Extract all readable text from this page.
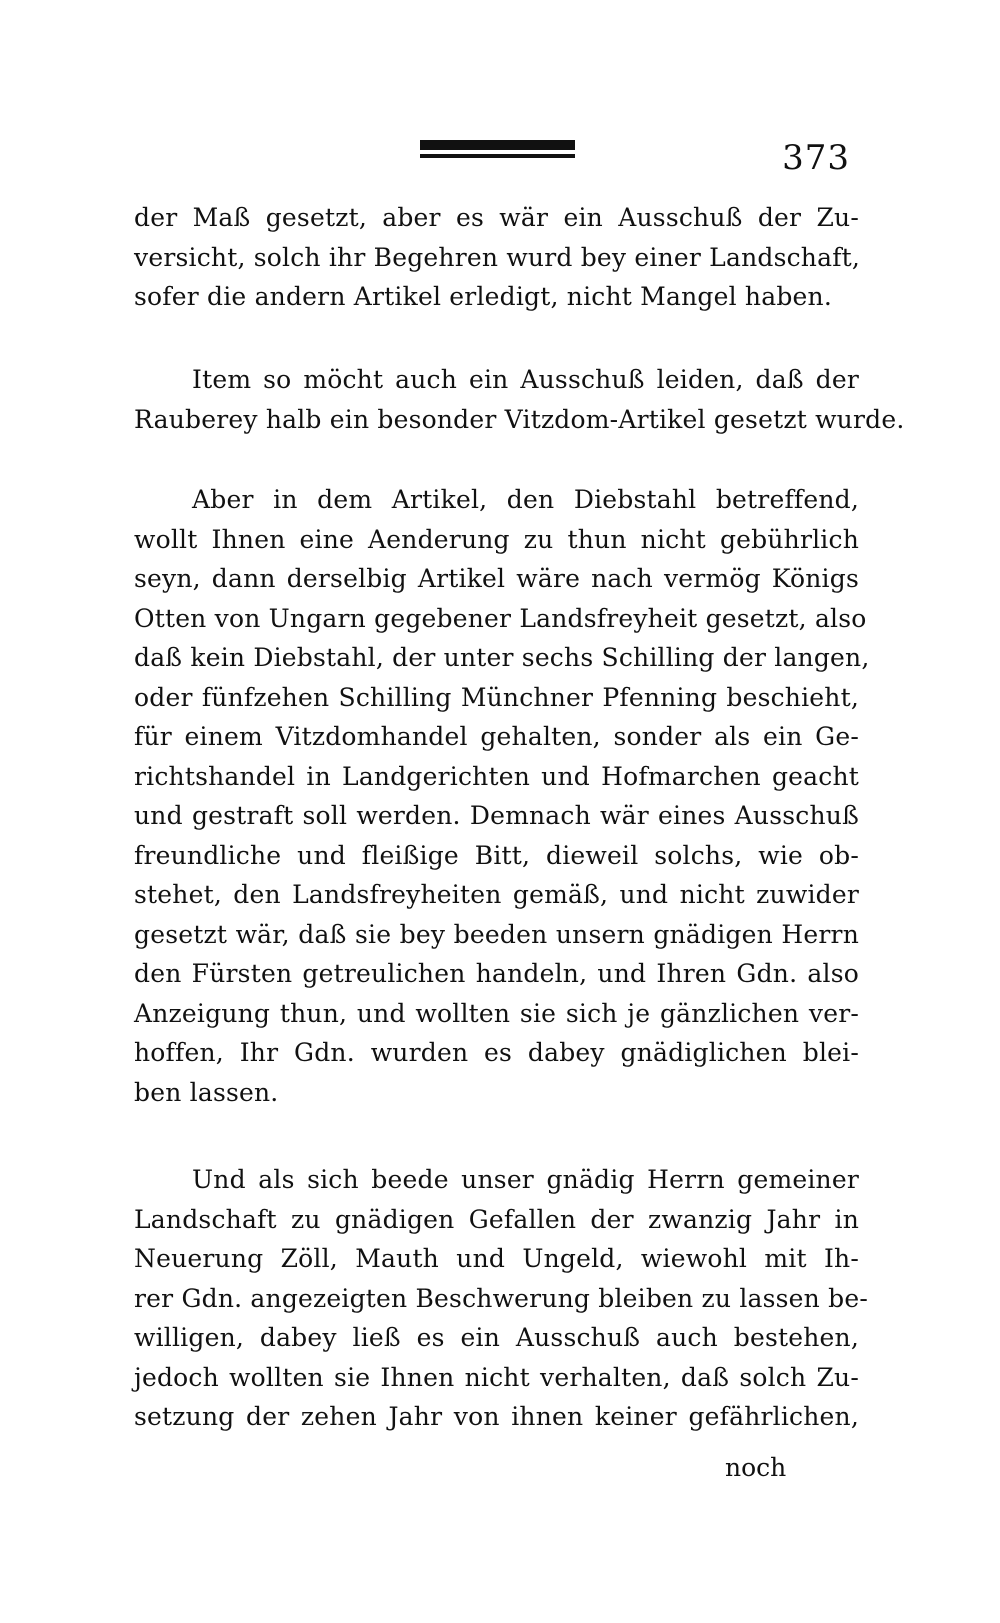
373
der Maß gesetzt, aber es wär ein Ausschuß der Zu-
versicht, solch ihr Begehren wurd bey einer Landschaft,
sofer die andern Artikel erledigt, nicht Mangel haben.
Item so möcht auch ein Ausschuß leiden, daß der
Rauberey halb ein besonder Vitzdom-Artikel gesetzt wurde.
Aber in dem Artikel, den Diebstahl betreffend,
wollt Ihnen eine Aenderung zu thun nicht gebührlich
seyn, dann derselbig Artikel wäre nach vermög Königs
Otten von Ungarn gegebener Landsfreyheit gesetzt, also
daß kein Diebstahl, der unter sechs Schilling der langen,
oder fünfzehen Schilling Münchner Pfenning beschieht,
für einem Vitzdomhandel gehalten, sonder als ein Ge-
richtshandel in Landgerichten und Hofmarchen geacht
und gestraft soll werden. Demnach wär eines Ausschuß
freundliche und fleißige Bitt, dieweil solchs, wie ob-
stehet, den Landsfreyheiten gemäß, und nicht zuwider
gesetzt wär, daß sie bey beeden unsern gnädigen Herrn
den Fürsten getreulichen handeln, und Ihren Gdn. also
Anzeigung thun, und wollten sie sich je gänzlichen ver-
hoffen, Ihr Gdn. wurden es dabey gnädiglichen blei-
ben lassen.
Und als sich beede unser gnädig Herrn gemeiner
Landschaft zu gnädigen Gefallen der zwanzig Jahr in
Neuerung Zöll, Mauth und Ungeld, wiewohl mit Ih-
rer Gdn. angezeigten Beschwerung bleiben zu lassen be-
willigen, dabey ließ es ein Ausschuß auch bestehen,
jedoch wollten sie Ihnen nicht verhalten, daß solch Zu-
setzung der zehen Jahr von ihnen keiner gefährlichen,
noch
